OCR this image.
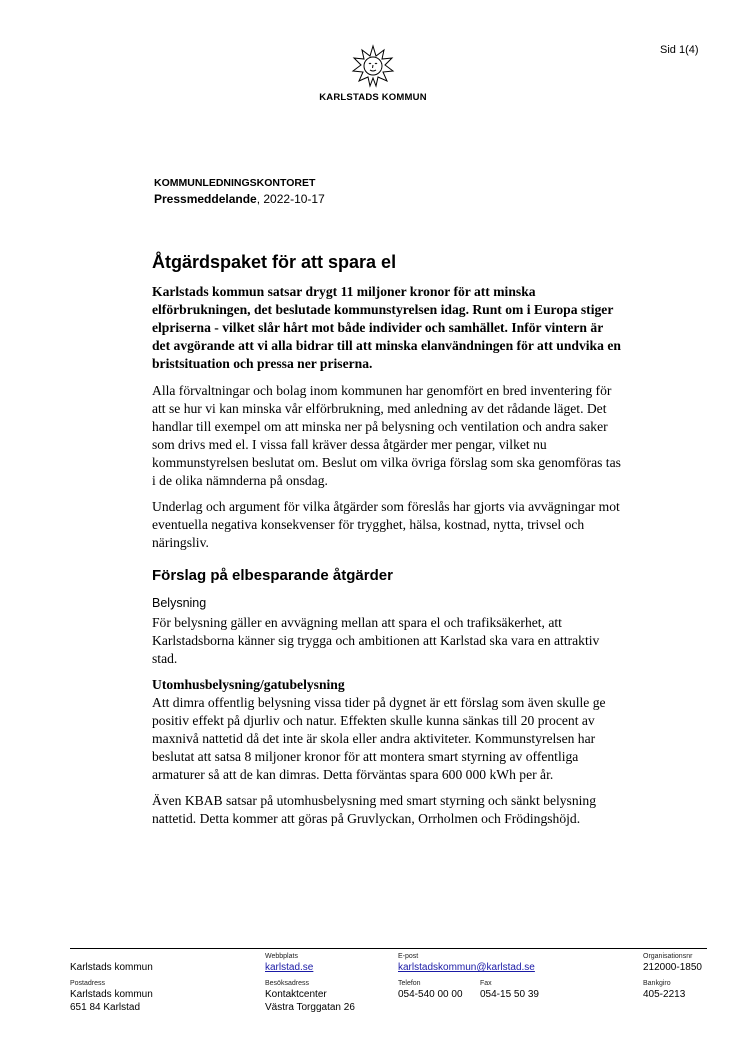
Sid 1(4)
KARLSTADS KOMMUN
KOMMUNLEDNINGSKONTORET
Pressmeddelande, 2022-10-17
Åtgärdspaket för att spara el

Karlstads kommun satsar drygt 11 miljoner kronor för att minska elförbrukningen, det beslutade kommunstyrelsen idag. Runt om i Europa stiger elpriserna - vilket slår hårt mot både individer och samhället. Inför vintern är det avgörande att vi alla bidrar till att minska elanvändningen för att undvika en bristsituation och pressa ner priserna.

Alla förvaltningar och bolag inom kommunen har genomfört en bred inventering för att se hur vi kan minska vår elförbrukning, med anledning av det rådande läget. Det handlar till exempel om att minska ner på belysning och ventilation och andra saker som drivs med el. I vissa fall kräver dessa åtgärder mer pengar, vilket nu kommunstyrelsen beslutat om. Beslut om vilka övriga förslag som ska genomföras tas i de olika nämnderna på onsdag.

Underlag och argument för vilka åtgärder som föreslås har gjorts via avvägningar mot eventuella negativa konsekvenser för trygghet, hälsa, kostnad, nytta, trivsel och näringsliv.

Förslag på elbesparande åtgärder

Belysning

För belysning gäller en avvägning mellan att spara el och trafiksäkerhet, att Karlstadsborna känner sig trygga och ambitionen att Karlstad ska vara en attraktiv stad.

Utomhusbelysning/gatubelysning

Att dimra offentlig belysning vissa tider på dygnet är ett förslag som även skulle ge positiv effekt på djurliv och natur. Effekten skulle kunna sänkas till 20 procent av maxnivå nattetid då det inte är skola eller andra aktiviteter. Kommunstyrelsen har beslutat att satsa 8 miljoner kronor för att montera smart styrning av offentliga armaturer så att de kan dimras. Detta förväntas spara 600 000 kWh per år.

Även KBAB satsar på utomhusbelysning med smart styrning och sänkt belysning nattetid. Detta kommer att göras på Gruvlyckan, Orrholmen och Frödingshöjd.

Karlstads kommun
Webbplats
karlstad.se
E-post
karlstadskommun@karlstad.se
Organisationsnr
212000-1850
Postadress
Karlstads kommun
651 84 Karlstad
Besöksadress
Kontaktcenter
Västra Torggatan 26
Telefon
054-540 00 00
Fax
054-15 50 39
Bankgiro
405-2213
